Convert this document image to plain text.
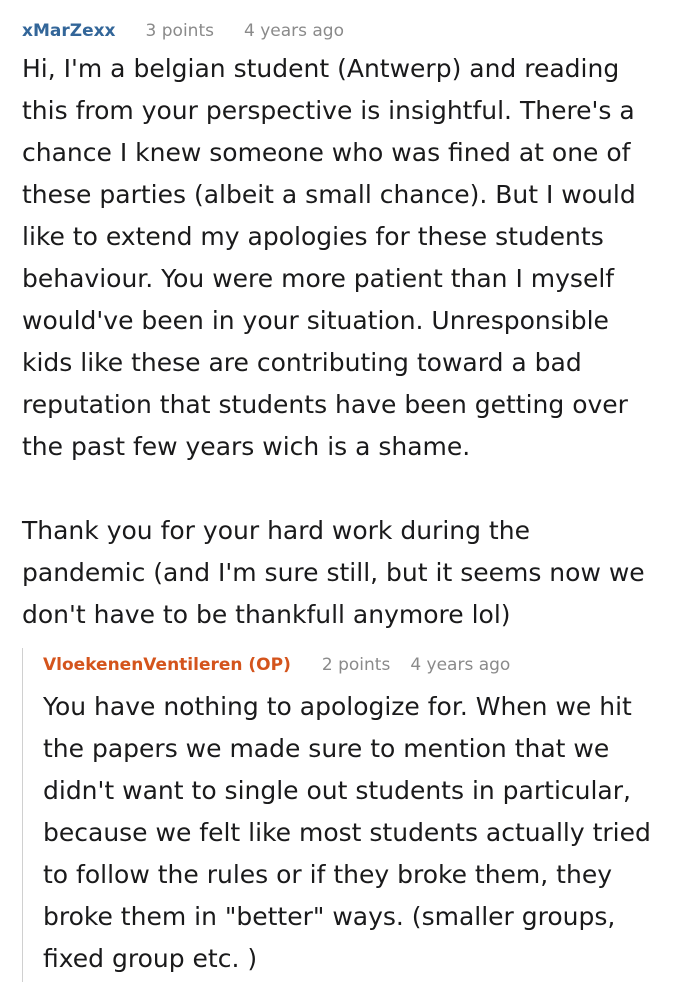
xMarZexx 3 points 4 years ago
Hi, I'm a belgian student (Antwerp) and reading
this from your perspective is insightful. There's a
chance I knew someone who was fined at one of
these parties (albeit a small chance). But I would
like to extend my apologies for these students
behaviour. You were more patient than I myself
would've been in your situation. Unresponsible
kids like these are contributing toward a bad
reputation that students have been getting over
the past few years wich is a shame.
Thank you for your hard work during the
pandemic (and I'm sure still, but it seems now we
don't have to be thankfull anymore lol)
VloekenenVentileren (OP) 2 points 4 years ago
You have nothing to apologize for. When we hit
the papers we made sure to mention that we
didn't want to single out students in particular,
because we felt like most students actually tried
to follow the rules or if they broke them, they
broke them in "better" ways. (smaller groups,
fixed group etc. )
